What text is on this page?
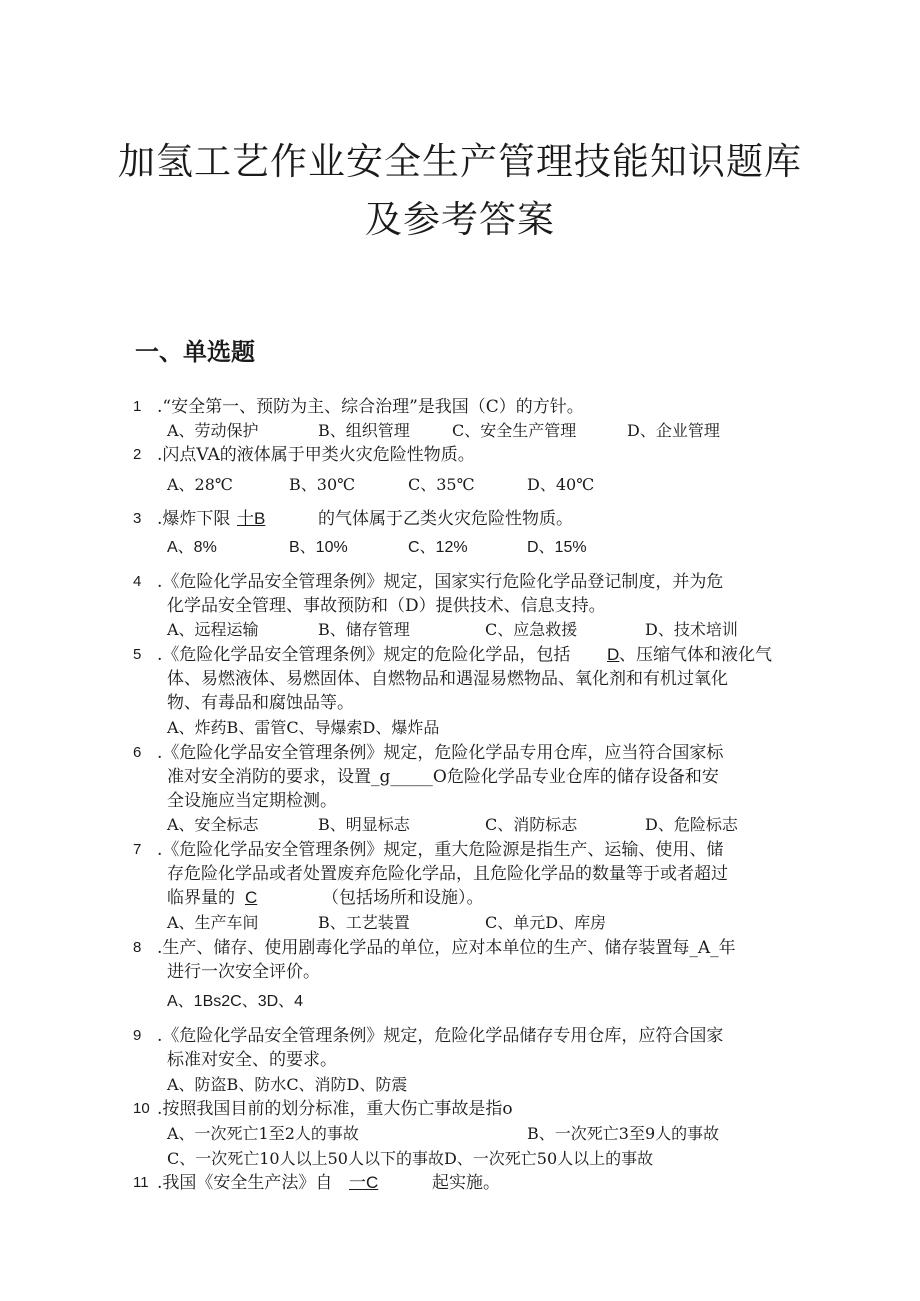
加氢工艺作业安全生产管理技能知识题库
及参考答案
一、单选题
1 .“安全第一、预防为主、综合治理”是我国（C）的方针。
A、劳动保护	B、组织管理	C、安全生产管理	D、企业管理
2 .闪点VA的液体属于甲类火灾危险性物质。
A、28℃	B、30℃	C、35℃	D、40℃
3 .爆炸下限 十B	的气体属于乙类火灾危险性物质。
A、8%	B、10%	C、12%	D、15%
4 .《危险化学品安全管理条例》规定，国家实行危险化学品登记制度，并为危
化学品安全管理、事故预防和（D）提供技术、信息支持。
A、远程运输	B、储存管理	C、应急救援	D、技术培训
5 .《危险化学品安全管理条例》规定的危险化学品，包括 D 、压缩气体和液化气
体、易燃液体、易燃固体、自燃物品和遇湿易燃物品、氧化剂和有机过氧化
物、有毒品和腐蚀品等。
A、炸药B、雷管C、导爆索D、爆炸品
6 .《危险化学品安全管理条例》规定，危险化学品专用仓库，应当符合国家标
准对安全消防的要求，设置_g_____O危险化学品专业仓库的储存设备和安
全设施应当定期检测。
A、安全标志	B、明显标志	C、消防标志	D、危险标志
7 .《危险化学品安全管理条例》规定，重大危险源是指生产、运输、使用、储
存危险化学品或者处置废弃危险化学品，且危险化学品的数量等于或者超过
临界量的 C	（包括场所和设施）。
A、生产车间	B、工艺装置	C、单元D、库房
8 .生产、储存、使用剧毒化学品的单位，应对本单位的生产、储存装置每_A_年
进行一次安全评价。
A、1Bs2C、3D、4
9 .《危险化学品安全管理条例》规定，危险化学品储存专用仓库，应符合国家
标准对安全、的要求。
A、防盗B、防水C、消防D、防震
10 .按照我国目前的划分标准，重大伤亡事故是指o
A、一次死亡1至2人的事故	B、一次死亡3至9人的事故
C、一次死亡10人以上50人以下的事故D、一次死亡50人以上的事故
11 .我国《安全生产法》自 一C	起实施。
